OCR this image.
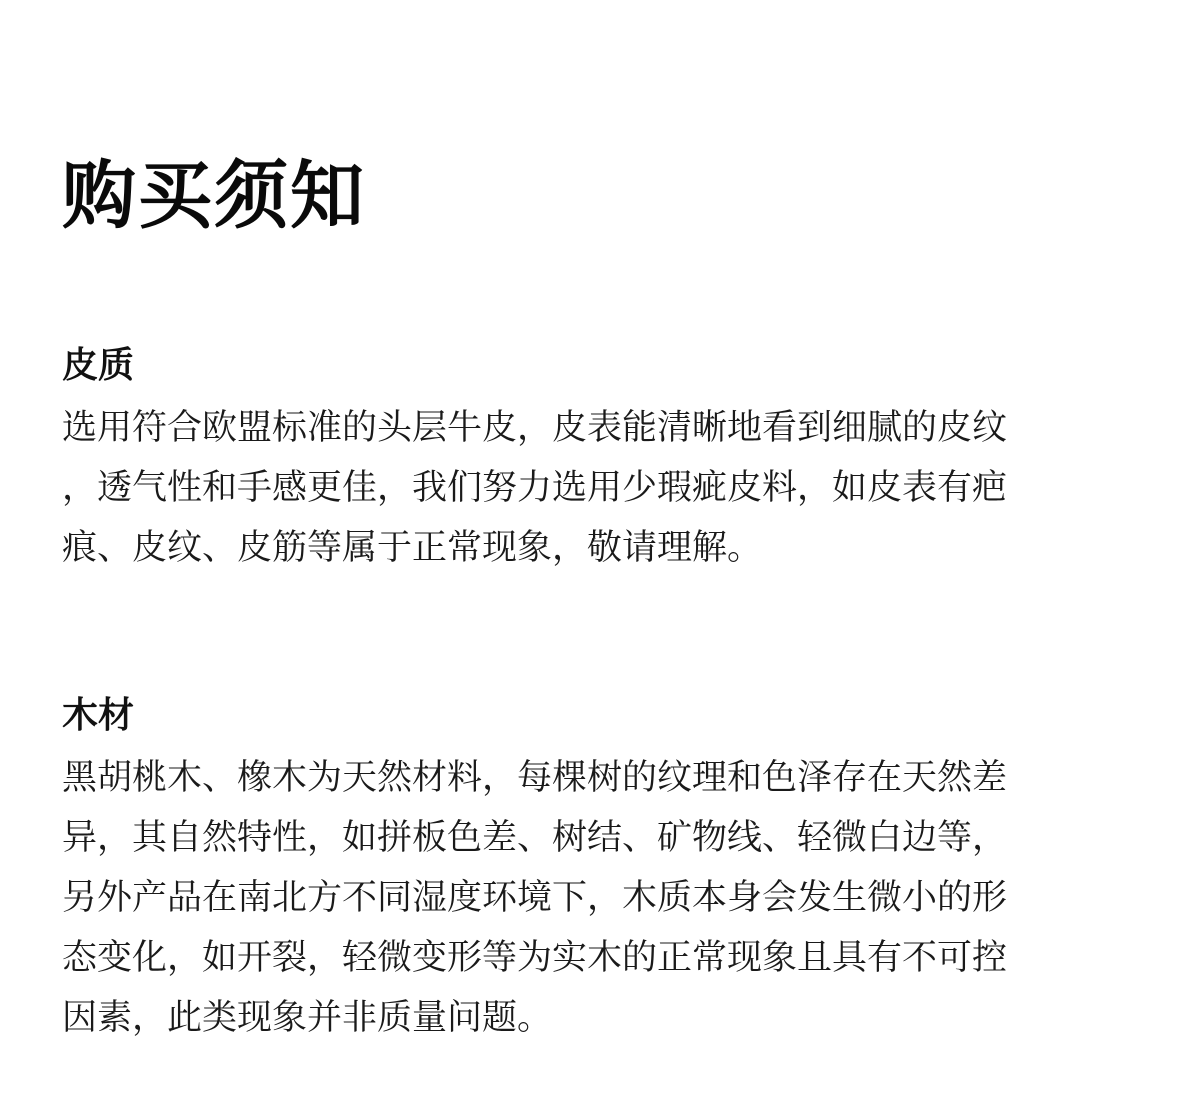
购买须知
皮质
选用符合欧盟标准的头层牛皮，皮表能清晰地看到细腻的皮纹
，透气性和手感更佳，我们努力选用少瑕疵皮料，如皮表有疤
痕、皮纹、皮筋等属于正常现象，敬请理解。
木材
黑胡桃木、橡木为天然材料，每棵树的纹理和色泽存在天然差
异，其自然特性，如拼板色差、树结、矿物线、轻微白边等，
另外产品在南北方不同湿度环境下，木质本身会发生微小的形
态变化，如开裂，轻微变形等为实木的正常现象且具有不可控
因素，此类现象并非质量问题。
